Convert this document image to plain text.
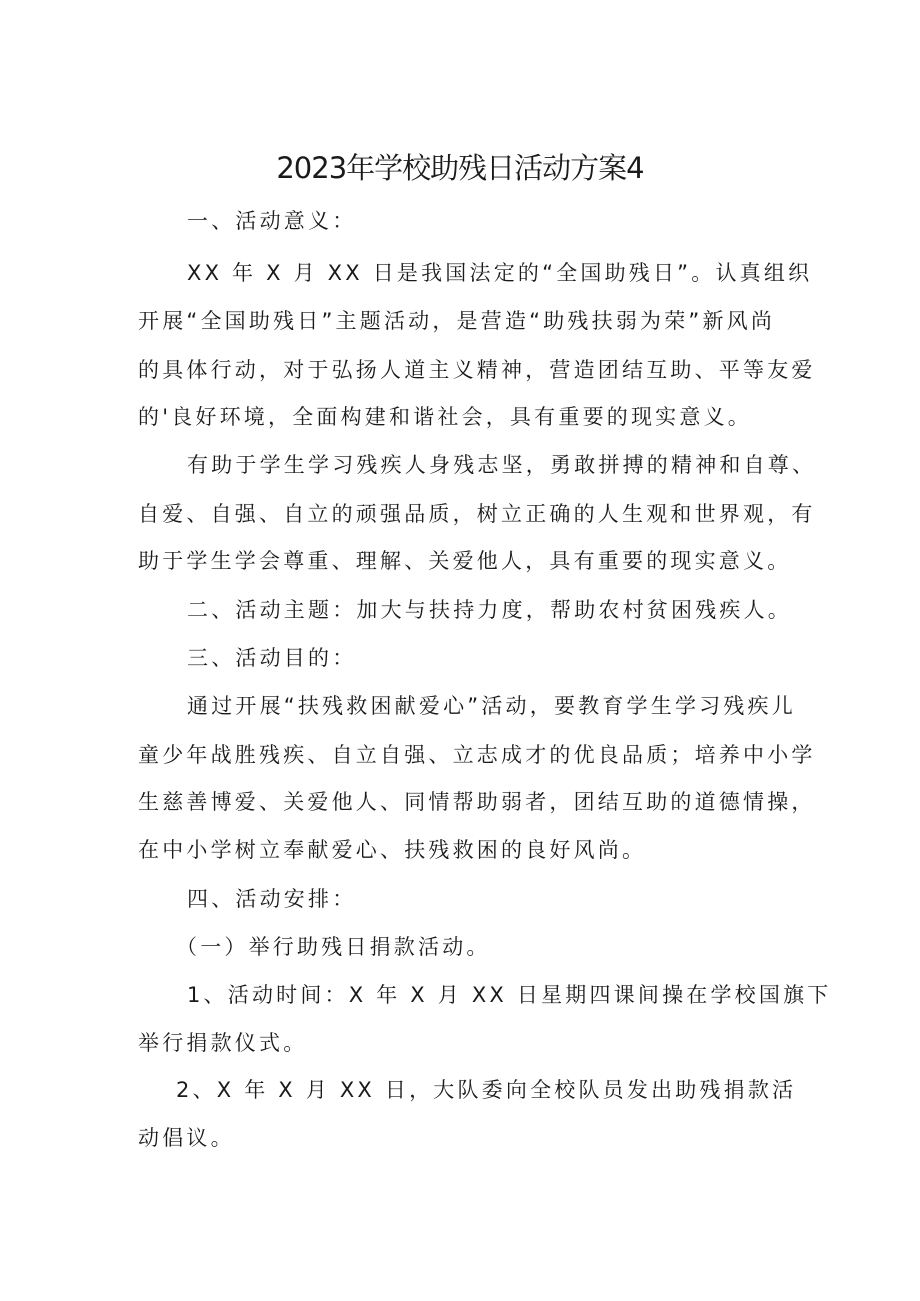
2023年学校助残日活动方案4
一、活动意义：
XX 年 X 月 XX 日是我国法定的“全国助残日”。认真组织
开展“全国助残日”主题活动，是营造“助残扶弱为荣”新风尚
的具体行动，对于弘扬人道主义精神，营造团结互助、平等友爱
的'良好环境，全面构建和谐社会，具有重要的现实意义。
有助于学生学习残疾人身残志坚，勇敢拼搏的精神和自尊、
自爱、自强、自立的顽强品质，树立正确的人生观和世界观，有
助于学生学会尊重、理解、关爱他人，具有重要的现实意义。
二、活动主题：加大与扶持力度，帮助农村贫困残疾人。
三、活动目的：
通过开展“扶残救困献爱心”活动，要教育学生学习残疾儿
童少年战胜残疾、自立自强、立志成才的优良品质；培养中小学
生慈善博爱、关爱他人、同情帮助弱者，团结互助的道德情操，
在中小学树立奉献爱心、扶残救困的良好风尚。
四、活动安排：
（一）举行助残日捐款活动。
1、活动时间：X 年 X 月 XX 日星期四课间操在学校国旗下
举行捐款仪式。
2、X 年 X 月 XX 日，大队委向全校队员发出助残捐款活
动倡议。
